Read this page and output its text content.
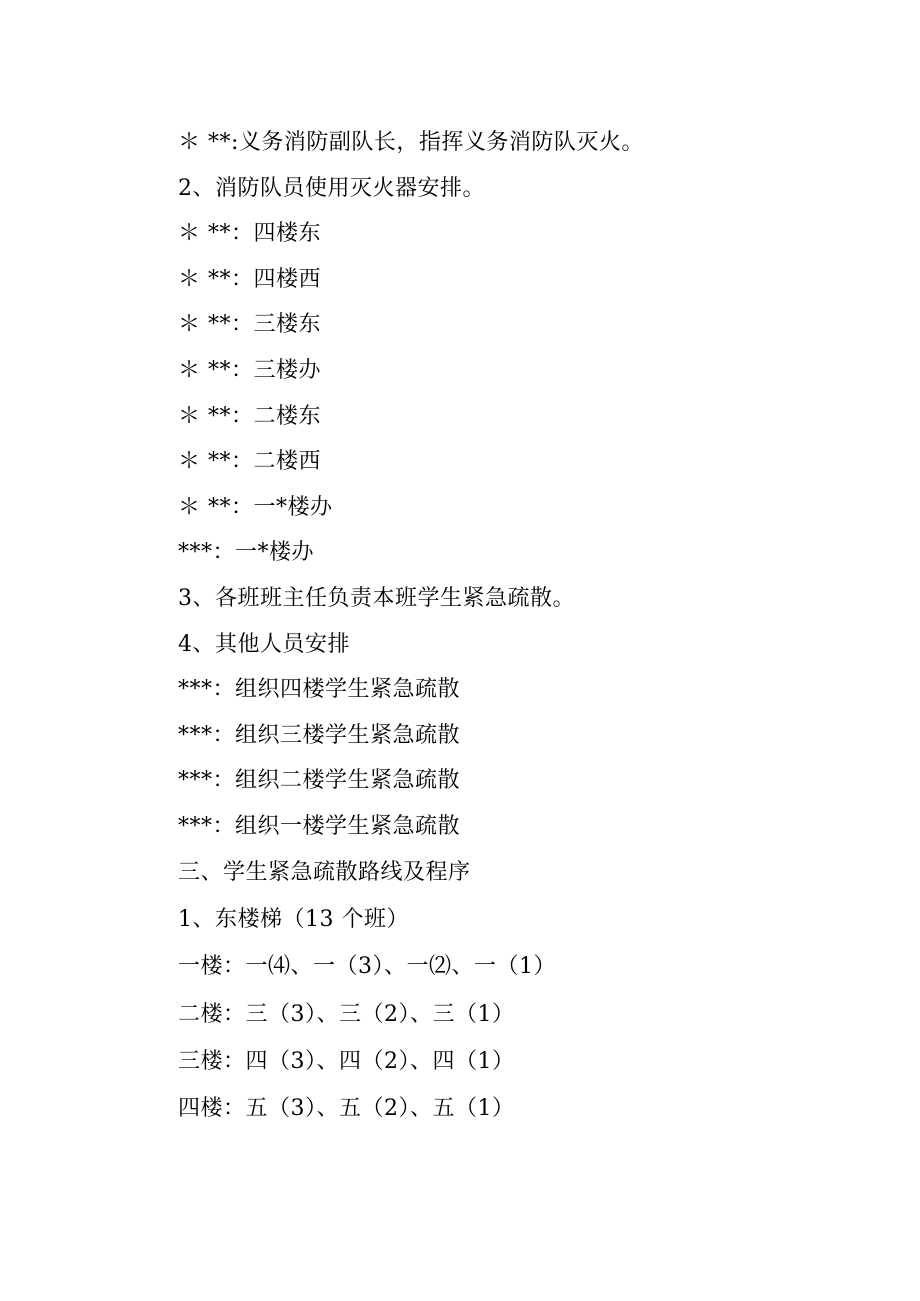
＊ **:义务消防副队长，指挥义务消防队灭火。
2、消防队员使用灭火器安排。
＊ **：四楼东
＊ **：四楼西
＊ **：三楼东
＊ **：三楼办
＊ **：二楼东
＊ **：二楼西
＊ **：一*楼办
***：一*楼办
3、各班班主任负责本班学生紧急疏散。
4、其他人员安排
***：组织四楼学生紧急疏散
***：组织三楼学生紧急疏散
***：组织二楼学生紧急疏散
***：组织一楼学生紧急疏散
三、学生紧急疏散路线及程序
1、东楼梯（13 个班）
一楼：一⑷、一（3）、一⑵、一（1）
二楼：三（3）、三（2）、三（1）
三楼：四（3）、四（2）、四（1）
四楼：五（3）、五（2）、五（1）
